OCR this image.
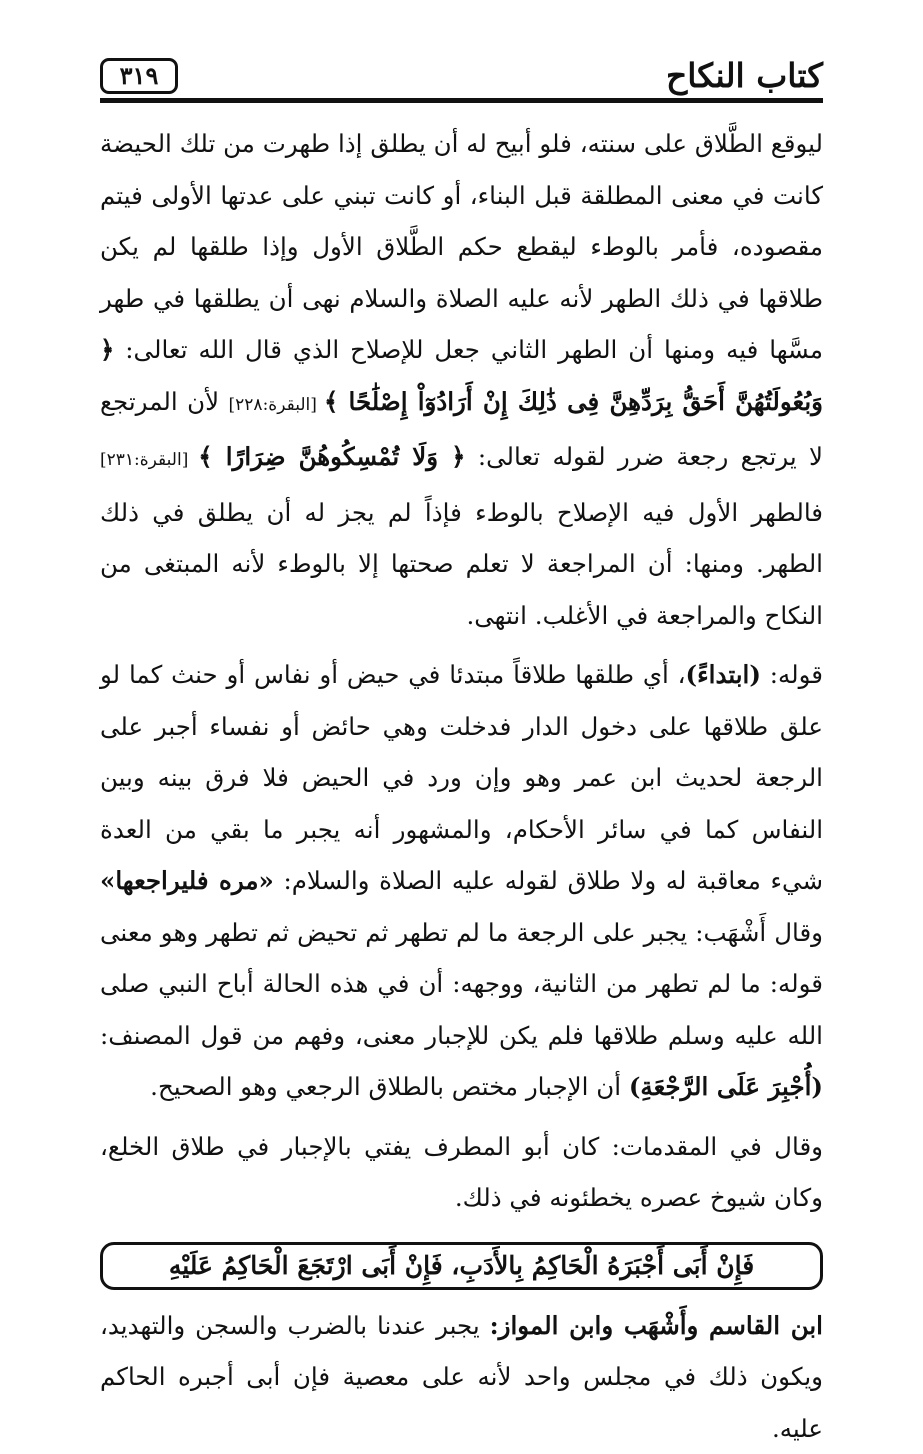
كتاب النكاح
٣١٩

ليوقع الطَّلاق على سنته، فلو أبيح له أن يطلق إذا طهرت من تلك الحيضة كانت في معنى المطلقة قبل البناء، أو كانت تبني على عدتها الأولى فيتم مقصوده، فأمر بالوطء ليقطع حكم الطَّلاق الأول وإذا طلقها لم يكن طلاقها في ذلك الطهر لأنه عليه الصلاة والسلام نهى أن يطلقها في طهر مسَّها فيه ومنها أن الطهر الثاني جعل للإصلاح الذي قال الله تعالى: ﴿ وَبُعُولَتُهُنَّ أَحَقُّ بِرَدِّهِنَّ فِى ذَٰلِكَ إِنْ أَرَادُوٓاْ إِصْلَٰحًا ﴾ [البقرة:٢٢٨] لأن المرتجع لا يرتجع رجعة ضرر لقوله تعالى: ﴿ وَلَا تُمْسِكُوهُنَّ ضِرَارًا ﴾ [البقرة:٢٣١] فالطهر الأول فيه الإصلاح بالوطء فإذاً لم يجز له أن يطلق في ذلك الطهر. ومنها: أن المراجعة لا تعلم صحتها إلا بالوطء لأنه المبتغى من النكاح والمراجعة في الأغلب. انتهى.

قوله: (ابتداءً)، أي طلقها طلاقاً مبتدئا في حيض أو نفاس أو حنث كما لو علق طلاقها على دخول الدار فدخلت وهي حائض أو نفساء أجبر على الرجعة لحديث ابن عمر وهو وإن ورد في الحيض فلا فرق بينه وبين النفاس كما في سائر الأحكام، والمشهور أنه يجبر ما بقي من العدة شيء معاقبة له ولا طلاق لقوله عليه الصلاة والسلام: «مره فليراجعها» وقال أَشْهَب: يجبر على الرجعة ما لم تطهر ثم تحيض ثم تطهر وهو معنى قوله: ما لم تطهر من الثانية، ووجهه: أن في هذه الحالة أباح النبي صلى الله عليه وسلم طلاقها فلم يكن للإجبار معنى، وفهم من قول المصنف: (أُجْبِرَ عَلَى الرَّجْعَةِ) أن الإجبار مختص بالطلاق الرجعي وهو الصحيح.

وقال في المقدمات: كان أبو المطرف يفتي بالإجبار في طلاق الخلع، وكان شيوخ عصره يخطئونه في ذلك.

فَإِنْ أَبَى أَجْبَرَهُ الْحَاكِمُ بِالأَدَبِ، فَإِنْ أَبَى ارْتَجَعَ الْحَاكِمُ عَلَيْهِ

ابن القاسم وأَشْهَب وابن المواز: يجبر عندنا بالضرب والسجن والتهديد، ويكون ذلك في مجلس واحد لأنه على معصية فإن أبى أجبره الحاكم عليه.
